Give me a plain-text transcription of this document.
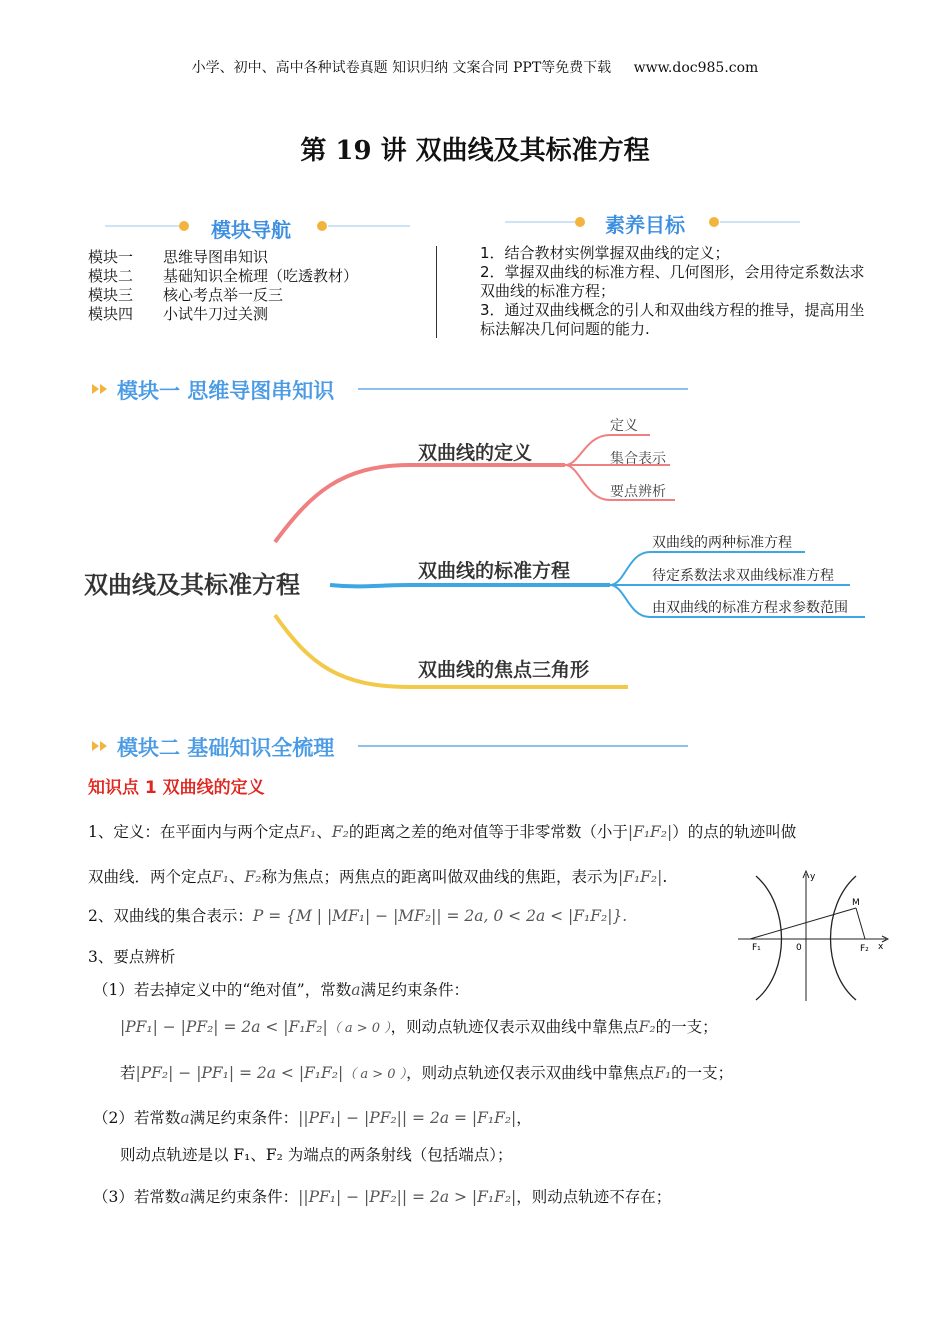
小学、初中、高中各种试卷真题 知识归纳 文案合同 PPT等免费下载 www.doc985.com
第 19 讲 双曲线及其标准方程
模块导航	素养目标
模块一 思维导图串知识
模块二 基础知识全梳理（吃透教材）
模块三 核心考点举一反三
模块四 小试牛刀过关测

1．结合教材实例掌握双曲线的定义；

2．掌握双曲线的标准方程、几何图形，会用待定系数法求双曲线的标准方程；

3．通过双曲线概念的引人和双曲线方程的推导，提高用坐标法解决几何问题的能力.

模块一 思维导图串知识
双曲线及其标准方程
双曲线的定义
定义
集合表示
要点辨析
双曲线的标准方程
双曲线的两种标准方程
待定系数法求双曲线标准方程
由双曲线的标准方程求参数范围
双曲线的焦点三角形
模块二 基础知识全梳理
知识点 1 双曲线的定义
1、定义：在平面内与两个定点F₁、F₂的距离之差的绝对值等于非零常数（小于|F₁F₂|）的点的轨迹叫做
双曲线．两个定点F₁、F₂称为焦点；两焦点的距离叫做双曲线的焦距，表示为|F₁F₂|.
2、双曲线的集合表示：P = {M | |MF₁| − |MF₂|| = 2a, 0 < 2a < |F₁F₂|}.
3、要点辨析
（1）若去掉定义中的“绝对值”，常数a满足约束条件：
|PF₁| − |PF₂| = 2a < |F₁F₂|（ a > 0 ），则动点轨迹仅表示双曲线中靠焦点F₂的一支；
若|PF₂| − |PF₁| = 2a < |F₁F₂|（ a > 0 ），则动点轨迹仅表示双曲线中靠焦点F₁的一支；
（2）若常数a满足约束条件：||PF₁| − |PF₂|| = 2a = |F₁F₂|，
则动点轨迹是以 F₁、F₂ 为端点的两条射线（包括端点）；
（3）若常数a满足约束条件：||PF₁| − |PF₂|| = 2a > |F₁F₂|，则动点轨迹不存在；
y
x
0
F₁	F₂
M
